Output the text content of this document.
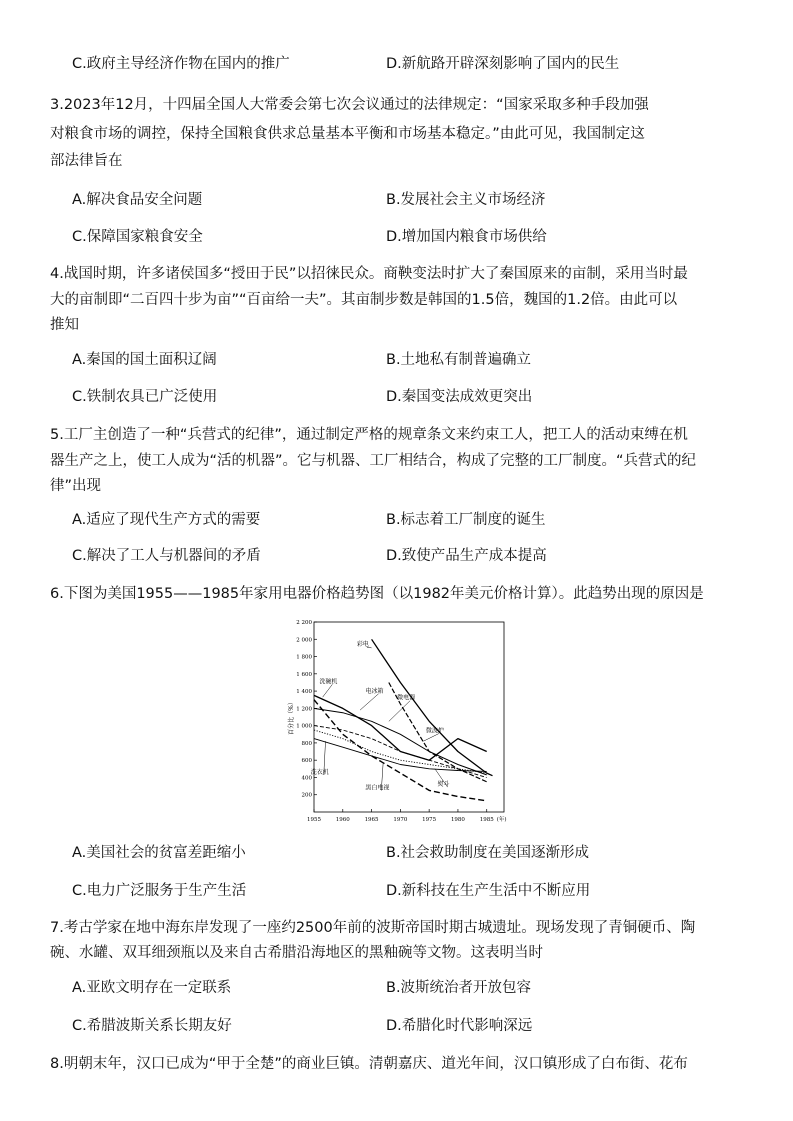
C.政府主导经济作物在国内的推广	D.新航路开辟深刻影响了国内的民生
3.2023年12月，十四届全国人大常委会第七次会议通过的法律规定：“国家采取多种手段加强
对粮食市场的调控，保持全国粮食供求总量基本平衡和市场基本稳定。”由此可见，我国制定这
部法律旨在
A.解决食品安全问题	B.发展社会主义市场经济
C.保障国家粮食安全	D.增加国内粮食市场供给
4.战国时期，许多诸侯国多“授田于民”以招徕民众。商鞅变法时扩大了秦国原来的亩制，采用当时最
大的亩制即“二百四十步为亩”“百亩给一夫”。其亩制步数是韩国的1.5倍，魏国的1.2倍。由此可以
推知
A.秦国的国土面积辽阔	B.土地私有制普遍确立
C.铁制农具已广泛使用	D.秦国变法成效更突出
5.工厂主创造了一种“兵营式的纪律”，通过制定严格的规章条文来约束工人，把工人的活动束缚在机
器生产之上，使工人成为“活的机器”。它与机器、工厂相结合，构成了完整的工厂制度。“兵营式的纪
律”出现
A.适应了现代生产方式的需要	B.标志着工厂制度的诞生
C.解决了工人与机器间的矛盾	D.致使产品生产成本提高
6.下图为美国1955——1985年家用电器价格趋势图（以1982年美元价格计算）。此趋势出现的原因是
200
400
600
800
1 000
1 200
1 400
1 600
1 800
2 000
2 200
1955	1960	1965	1970	1975	1980	1985 (年)
百分比（%）
彩电
洗碗机
电冰箱
微电器
微波炉
洗衣机
黑白电视	熨斗
A.美国社会的贫富差距缩小	B.社会救助制度在美国逐渐形成
C.电力广泛服务于生产生活	D.新科技在生产生活中不断应用
7.考古学家在地中海东岸发现了一座约2500年前的波斯帝国时期古城遗址。现场发现了青铜硬币、陶
碗、水罐、双耳细颈瓶以及来自古希腊沿海地区的黑釉碗等文物。这表明当时
A.亚欧文明存在一定联系	B.波斯统治者开放包容
C.希腊波斯关系长期友好	D.希腊化时代影响深远
8.明朝末年，汉口已成为“甲于全楚”的商业巨镇。清朝嘉庆、道光年间，汉口镇形成了白布街、花布
